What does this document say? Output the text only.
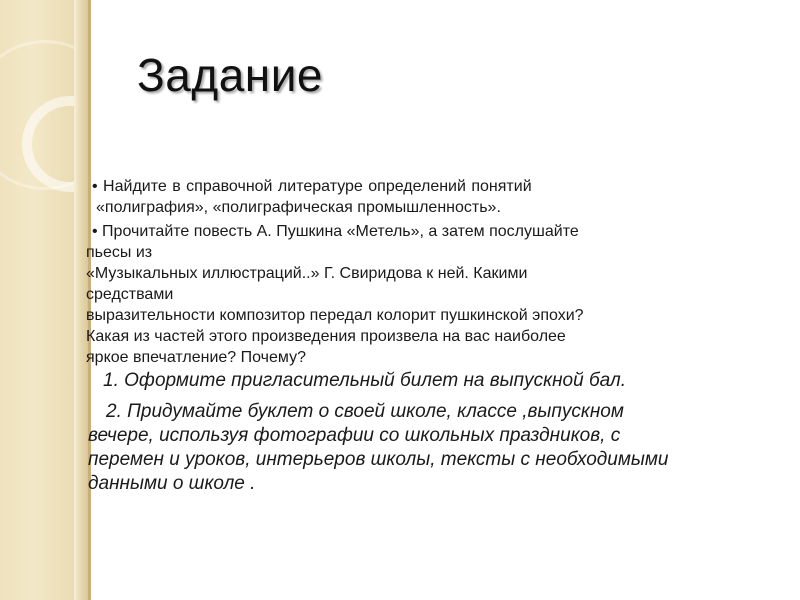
Задание
• Найдите в справочной литературе определений понятий
«полиграфия», «полиграфическая промышленность».
• Прочитайте повесть А. Пушкина «Метель», а затем послушайте
пьесы из
«Музыкальных иллюстраций..» Г. Свиридова к ней. Какими
средствами
выразительности композитор передал колорит пушкинской эпохи?
Какая из частей этого произведения произвела на вас наиболее
яркое впечатление? Почему?
1. Оформите пригласительный билет на выпускной бал.
2. Придумайте буклет о своей школе, классе ,выпускном
вечере, используя фотографии со школьных праздников, с
перемен и уроков, интерьеров школы, тексты с необходимыми
данными о школе .
